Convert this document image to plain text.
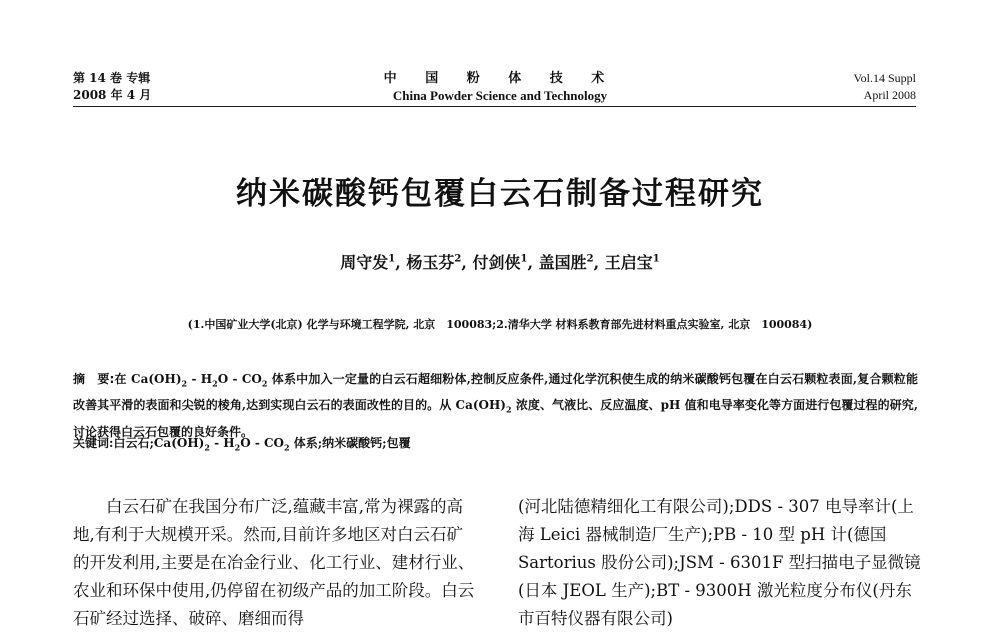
第 14 卷 专辑
2008 年 4 月
中 国 粉 体 技 术
China Powder Science and Technology
Vol.14 Suppl
April 2008
纳米碳酸钙包覆白云石制备过程研究
周守发$^1$, 杨玉芬$^2$, 付剑侠$^1$, 盖国胜$^2$, 王启宝$^1$
(1.中国矿业大学(北京) 化学与环境工程学院, 北京　100083;2.清华大学 材料系教育部先进材料重点实验室, 北京　100084)
摘　要:在 $Ca(OH)_2 - H_2O - CO_2$ 体系中加入一定量的白云石超细粉体,控制反应条件,通过化学沉积使生成的纳米碳酸钙包覆在白云石颗粒表面,复合颗粒能改善其平滑的表面和尖锐的棱角,达到实现白云石的表面改性的目的。从 $Ca(OH)_2$ 浓度、气液比、反应温度、pH 值和电导率变化等方面进行包覆过程的研究,讨论获得白云石包覆的良好条件。
关键词:白云石$;Ca(OH)_2 - H_2O - CO_2$ 体系;纳米碳酸钙;包覆

白云石矿在我国分布广泛,蕴藏丰富,常为裸露的高地,有利于大规模开采。然而,目前许多地区对白云石矿的开发利用,主要是在冶金行业、化工行业、建材行业、农业和环保中使用,仍停留在初级产品的加工阶段。白云石矿经过选择、破碎、磨细而得

(河北陆德精细化工有限公司);DDS - 307 电导率计(上海 Leici 器械制造厂生产);PB - 10 型 pH 计(德国 Sartorius 股份公司);JSM - 6301F 型扫描电子显微镜(日本 JEOL 生产);BT - 9300H 激光粒度分布仪(丹东市百特仪器有限公司)
